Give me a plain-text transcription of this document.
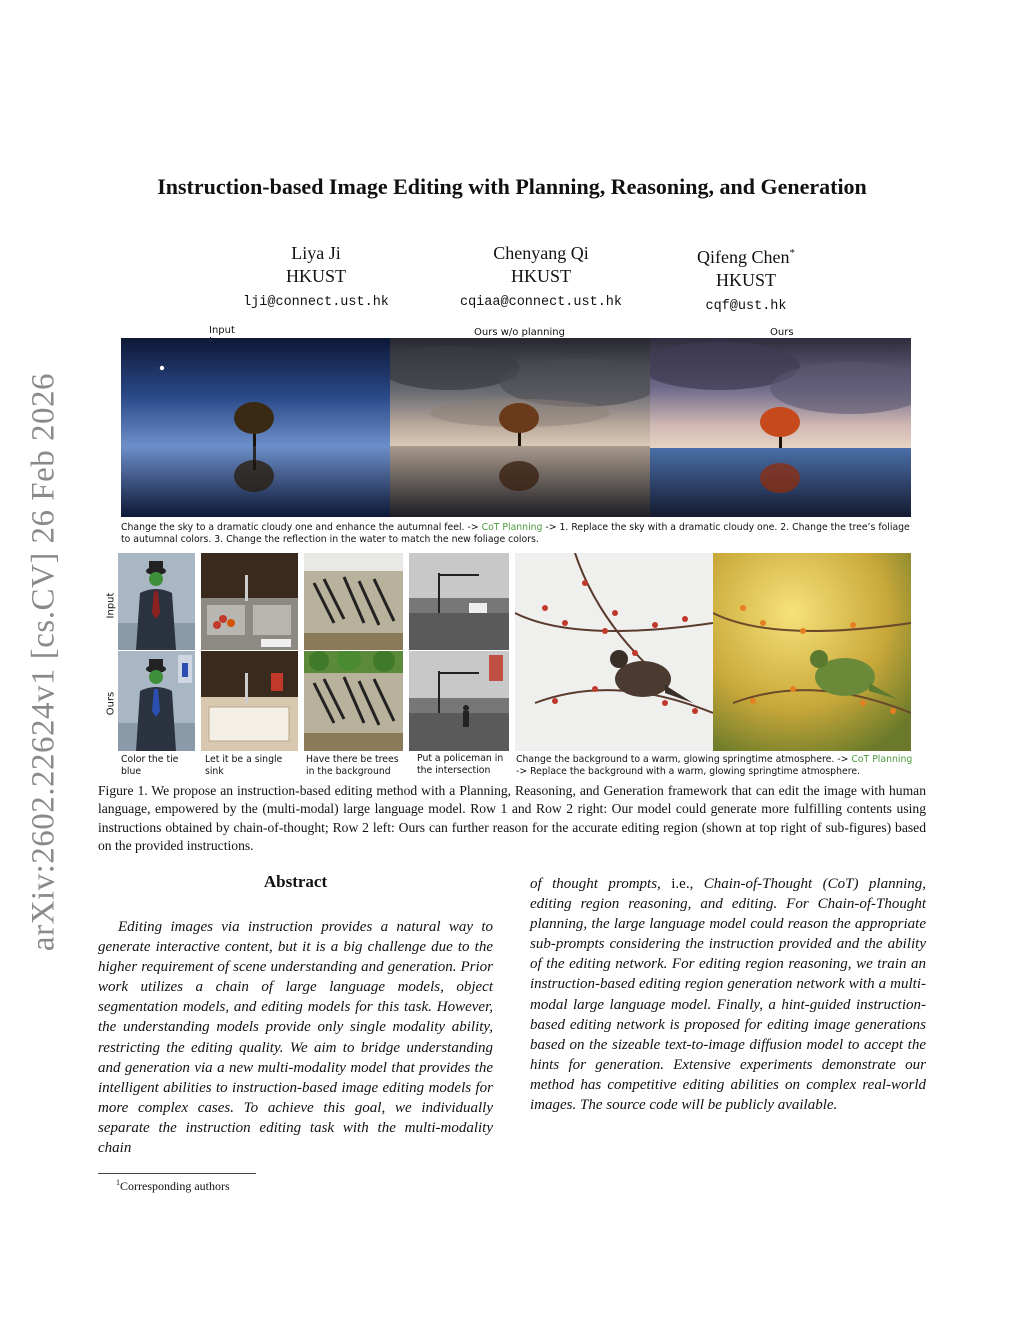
arXiv:2602.22624v1 [cs.CV] 26 Feb 2026
Instruction-based Image Editing with Planning, Reasoning, and Generation
Liya Ji
HKUST
lji@connect.ust.hk
Chenyang Qi
HKUST
cqiaa@connect.ust.hk
Qifeng Chen*
HKUST
cqf@ust.hk
Input	Ours w/o planning	Ours
Change the sky to a dramatic cloudy one and enhance the autumnal feel. -> CoT Planning -> 1. Replace the sky with a dramatic cloudy one. 2. Change the tree’s foliage to autumnal colors. 3. Change the reflection in the water to match the new foliage colors.
Input
Ours
Color the tie
blue
Let it be a single
sink
Have there be trees
in the background
Put a policeman in
the intersection
Change the background to a warm, glowing springtime atmosphere. -> CoT Planning
-> Replace the background with a warm, glowing springtime atmosphere.
Figure 1. We propose an instruction-based editing method with a Planning, Reasoning, and Generation framework that can edit the image with human language, empowered by the (multi-modal) large language model. Row 1 and Row 2 right: Our model could generate more fulfilling contents using instructions obtained by chain-of-thought; Row 2 left: Ours can further reason for the accurate editing region (shown at top right of sub-figures) based on the provided instructions.
Abstract
Editing images via instruction provides a natural way to generate interactive content, but it is a big challenge due to the higher requirement of scene understanding and generation. Prior work utilizes a chain of large language models, object segmentation models, and editing models for this task. However, the understanding models provide only single modality ability, restricting the editing quality. We aim to bridge understanding and generation via a new multi-modality model that provides the intelligent abilities to instruction-based image editing models for more complex cases. To achieve this goal, we individually separate the instruction editing task with the multi-modality chain
of thought prompts, i.e., Chain-of-Thought (CoT) planning, editing region reasoning, and editing. For Chain-of-Thought planning, the large language model could reason the appropriate sub-prompts considering the instruction provided and the ability of the editing network. For editing region reasoning, we train an instruction-based editing region generation network with a multi-modal large language model. Finally, a hint-guided instruction-based editing network is proposed for editing image generations based on the sizeable text-to-image diffusion model to accept the hints for generation. Extensive experiments demonstrate our method has competitive editing abilities on complex real-world images. The source code will be publicly available.
$^1$Corresponding authors
